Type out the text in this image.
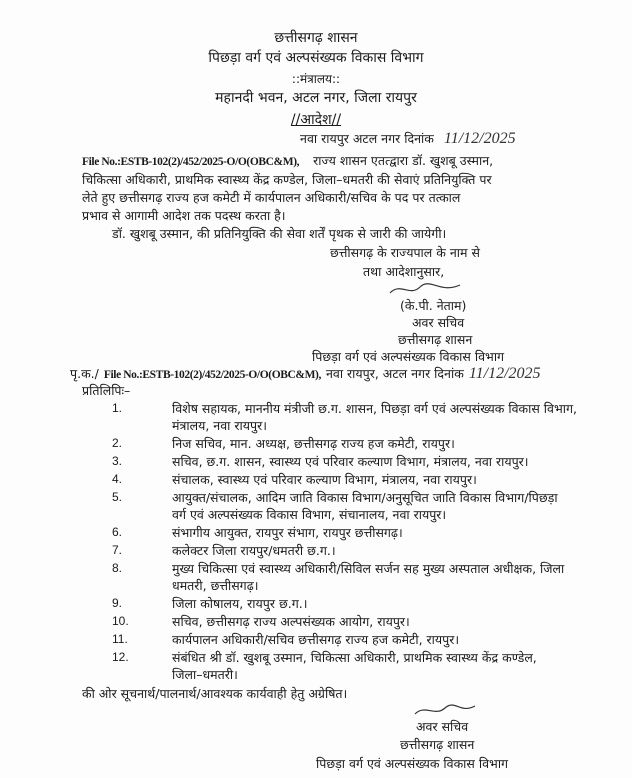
छत्तीसगढ़ शासन
पिछड़ा वर्ग एवं अल्पसंख्यक विकास विभाग
::मंत्रालय::
महानदी भवन, अटल नगर, जिला रायपुर
//आदेश//
नवा रायपुर अटल नगर दिनांक 11/12/2025
File No.:ESTB-102(2)/452/2025-O/O(OBC&M), राज्य शासन एतत्द्वारा डॉ. खुशबू उस्मान,
चिकित्सा अधिकारी, प्राथमिक स्वास्थ्य केंद्र कण्डेल, जिला–धमतरी की सेवाएं प्रतिनियुक्ति पर
लेते हुए छत्तीसगढ़ राज्य हज कमेटी में कार्यपालन अधिकारी/सचिव के पद पर तत्काल
प्रभाव से आगामी आदेश तक पदस्थ करता है।
डॉ. खुशबू उस्मान, की प्रतिनियुक्ति की सेवा शर्तें पृथक से जारी की जायेगी।
छत्तीसगढ़ के राज्यपाल के नाम से
तथा आदेशानुसार,
(के.पी. नेताम)
अवर सचिव
छत्तीसगढ़ शासन
पिछड़ा वर्ग एवं अल्पसंख्यक विकास विभाग
पृ.क./ File No.:ESTB-102(2)/452/2025-O/O(OBC&M), नवा रायपुर, अटल नगर दिनांक 11/12/2025
प्रतिलिपिः–
1.	विशेष सहायक, माननीय मंत्रीजी छ.ग. शासन, पिछड़ा वर्ग एवं अल्पसंख्यक विकास विभाग,
मंत्रालय, नवा रायपुर।
2.	निज सचिव, मान. अध्यक्ष, छत्तीसगढ़ राज्य हज कमेटी, रायपुर।
3.	सचिव, छ.ग. शासन, स्वास्थ्य एवं परिवार कल्याण विभाग, मंत्रालय, नवा रायपुर।
4.	संचालक, स्वास्थ्य एवं परिवार कल्याण विभाग, मंत्रालय, नवा रायपुर।
5.	आयुक्त/संचालक, आदिम जाति विकास विभाग/अनुसूचित जाति विकास विभाग/पिछड़ा
वर्ग एवं अल्पसंख्यक विकास विभाग, संचानालय, नवा रायपुर।
6.	संभागीय आयुक्त, रायपुर संभाग, रायपुर छत्तीसगढ़।
7.	कलेक्टर जिला रायपुर/धमतरी छ.ग.।
8.	मुख्य चिकित्सा एवं स्वास्थ्य अधिकारी/सिविल सर्जन सह मुख्य अस्पताल अधीक्षक, जिला
धमतरी, छत्तीसगढ़।
9.	जिला कोषालय, रायपुर छ.ग.।
10.	सचिव, छत्तीसगढ़ राज्य अल्पसंख्यक आयोग, रायपुर।
11.	कार्यपालन अधिकारी/सचिव छत्तीसगढ़ राज्य हज कमेटी, रायपुर।
12.	संबंधित श्री डॉ. खुशबू उस्मान, चिकित्सा अधिकारी, प्राथमिक स्वास्थ्य केंद्र कण्डेल,
जिला–धमतरी।
की ओर सूचनार्थ/पालनार्थ/आवश्यक कार्यवाही हेतु अग्रेषित।
अवर सचिव
छत्तीसगढ़ शासन
पिछड़ा वर्ग एवं अल्पसंख्यक विकास विभाग
